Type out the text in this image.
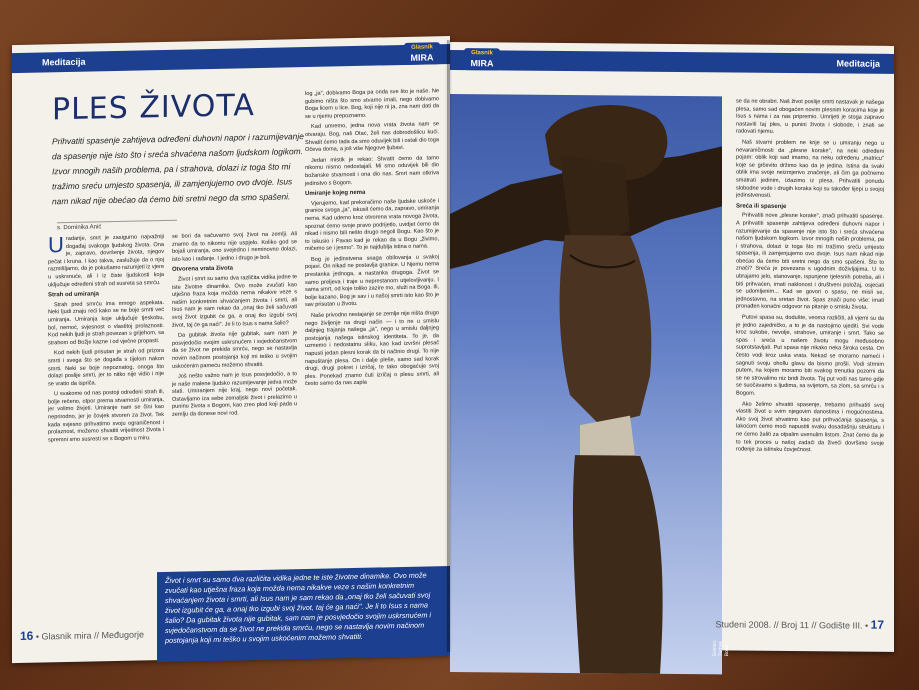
Meditacija
Glasnik
MIRA
PLES ŽIVOTA
Prihvatiti spasenje zahtijeva određeni duhovni napor i razumijevanje da spasenje nije isto što i sreća shvaćena našom ljudskom logikom. Izvor mnogih naših problema, pa i strahova, dolazi iz toga što mi tražimo sreću umjesto spasenja, ili zamjenjujemo ovo dvoje. Isus nam nikad nije obećao da ćemo biti sretni nego da smo spašeni.
s. Dominika Anić

Uradanje, smrt je zasigurno najvažniji događaj svakoga ljudskog života. Ona je, zapravo, dovršenje života, njegov pečat i kruna. I kao takva, zaslužuje da o njoj razmišljamo, da je pokušamo razumjeti iz vjere u uskrsnuće, ali i iz čiste ljudskosti koja uključuje određeni strah od susreta sa smrću.

Strah od umiranja

Strah pred smrću ima mnogo aspekata. Neki ljudi znaju reći kako se ne boje smrti već umiranja. Umiranja koje uključuje tjeskobu, bol, nemoć, svjesnost o vlastitoj prolaznosti. Kod nekih ljudi je strah povezan s grijehom, sa strahom od Božje kazne i od vječne propasti.

Kod nekih ljudi prisutan je strah od prizora smrti i svega što se događa s tijelom nakon smrti. Neki se boje nepoznatog, onoga što dolazi poslije smrti, jer to nitko nije vidio i nije se vratio da ispriča.

U svakome od nas postoji određeni strah ili, bolje rečeno, otpor prema stvarnosti umiranja, jer volimo živjeti. Umiranje nam se čini kao neprirodno, jer je čovjek stvoren za život. Tek kada svjesno prihvatimo svoju ograničenost i prolaznost, možemo shvatiti vrijednost života i spremni smo susresti se s Bogom u miru.

se bori da sačuvamo svoj život na zemlji. Ali znamo da to nikomu nije uspjelo. Koliko god se bojali umiranja, ono svejedno i neminovno dolazi, isto kao i rađanje. I jedno i drugo je boli.

Otvorena vrata života

Život i smrt su samo dva različita vidika jedne te iste životne dinamike. Ovo može zvučati kao utješna fraza koja možda nema nikakve veze s našim konkretnim shvaćanjem života i smrti, ali Isus nam je sam rekao da „onaj tko želi sačuvati svoj život izgubit će ga, a onaj tko izgubi svoj život, taj će ga naći". Je li to Isus s nama šalio?

Da gubitak života nije gubitak, sam nam je posvjedočio svojim uskrsnućem i svjedočanstvom da se život ne prekida smrću, nego se nastavlja novim načinom postojanja koji mi teško u svojim uskoćenim pameću možemo shvatiti.

Još nešto važno nam je Isus posvjedočio, a to je naše malene ljudsko razumijevanje jedva može stati. Umiranjem nije kraj, nego novi početak. Ostavljamo iza sebe zemaljski život i prelazimo u puninu života s Bogom, kao zreo plod koji pada u zemlju da donese novi rod.

log „ja", dobivamo Boga pa onda sve što je naše. Ne gubimo ništa što smo stvarno imali, nego dobivamo Boga licem u lice. Bog, koji nije ni ja, zna nam dati da se u njemu prepoznamo.

Kad umremo, jedna nova vrata života nam se otvaraju. Bog, naš Otac, želi nas dobrodošlicu kući. Shvatit ćemo tada da smo oduvijek bili i ostali dio toga Očeva doma, a još više Njegove ljubavi.

Jedan mistik je rekao: Shvatit ćemo da tamo nikomu nismo nedostajali. Mi smo oduvijek bili dio božanske stvarnosti i ona dio nas. Smrt nam otkriva jedinstvo s Bogom.

Umiranje kojeg nema

Vjerujemo, kad prekoračimo naše ljudske uskoće i granice svoga „ja", iskusit ćemo da, zapravo, umiranja nema. Kad udemo kroz otvorena vrata novoga života, spoznat ćemo svoje pravo podrijetlo, uvidjet ćemo da nikad i nismo bili nešto drugo negoli Bogu. Kao što je to iskusio i Pavao kad je rekao da u Bogu „živimo, mičemo se i jesmo". To je najdublja istina o nama.

Bog je jedinstvena snaga obilovanja u svakoj pojavi. On nikad ne postavlja granice. U Njemu nema prestanka jednoga, a nastanka drugoga. Život se samo preljeva i traje u neprestanom utjelovljivanju. I sama smrt, od koje toliko zazire mo, služi na Boga. Ili, bolje kazano, Bog je sav i u našoj smrti isto kao što je sav prisutan u životu.

Naše privodno nestajanje se zemlje nije ništa drugo nego življenje na drugi način — i to ne u smislu daljnjeg trajanja našega „ja", nego u smislu daljnjeg postojanja našega istinskog identiteta. To je, da uzmemo i nedostatnu sliku, kao kad izvršni plesač napusti jedan plesni korak da bi načinio drugi. To nije napuštanje plesa. On i dalje pleše, samo sad korak drugi, drugi pokret i izričaj, te tako obogaćuje svoj ples. Ponekad znamo čuti izričaj o plesu smrti, ali često samo da nas zapla

Život i smrt su samo dva različita vidika jedne te iste životne dinamike. Ovo može zvučati kao utješna fraza koja možda nema nikakve veze s našim konkretnim shvaćanjem života i smrti, ali Isus nam je sam rekao da „onaj tko želi sačuvati svoj život izgubit će ga, a onaj tko izgubi svoj život, taj će ga naći". Je li to Isus s nama šalio? Da gubitak života nije gubitak, sam nam je posvjedočio svojim uskrsnućem i svjedočanstvom da se život ne prekida smrću, nego se nastavlja novim načinom postojanja koji mi teško u svojim uskoćenim možemo shvatiti.
16 • Glasnik mira // Međugorje
Glasnik
MIRA	Meditacija
Snimio: Turbok Boké

se da ne obrabri. Naš život poslije smrti nastavak je našega plesa, samo sad obogaćen novim plesnim koracima koje je Isus s nama i za nas pripremio. Umrijeti je stoga zapravo nastaviti taj ples, u punini života i slobode, i znati se radovati njemu.

Naš stvarni problem ne krije se u umiranju nego u nevaraničmosti da „plesne korake", na neki određeni pojam: oblik koji sad imamo, na neku određenu „matricu" koje se grčevito držimo kao da je jedina. Istina da svaki oblik ima svoje neizmjerivo značenje, ali čim ga počnemo smatrati jedinim, izlazimo iz plesa. Prihvatiti ponudu slobodne vode i drugih koraka koji su također lijepi u svojoj jedinstvenosti.

Sreća ili spasenje

Prihvatiti nove „plesne korake", znači prihvatiti spasenje. A prihvatiti spasenje zahtijeva određeni duhovni napor i razumijevanje da spasenje nije isto što i sreća shvaćena našom ljudskom logikom. Izvor mnogih naših problema, pa i strahova, dolazi iz toga što mi tražimo sreću umjesto spasenja, ili zamjenjujemo ovo dvoje. Isus nam nikad nije obećao da ćemo biti sretni nego da smo spašeni. Što to znači? Sreća je povezana s ugodnim doživljajima. U to ubrajamo jelo, stanovanje, ispunjene tjelesnih potreba, ali i biti prihvaćen, imati naklonost i društveni položaj, osjećati se udomljenim... Kad se govori o spasu, ne misli se, jednostavno, na sretan život. Spas znači puno više: imati pronađen konačni odgovor na pitanje o smislu života.

Putovi spasa su, dodušte, veoma različiti, ali vjerni su da je jedno zajedničko, a to je da nastojimo ujediti. Svi vode kroz sukobe, nevolje, strahove, umiranje i smrt. Tako se spas i sreća u našem životu mogu međusobno suprotstavljati. Put spasa nije nikako neka široka cesta. On često vodi kroz uska vrata. Nekad se moramo nameći i sagnuti svoju ohollu glavu da bismo prošli. Vodi strmim putem, na kojem moramo biti svakog trenutka pozorni da se ne strovalimo niz bridi života. Taj put vodi nas tamo gdje se suočavamo s ljudima, sa svijetom, sa zlom, sa smrću i s Bogom.

Ako želimo shvatiti spasenje, trebamo prihvatiti svoj vlastiti život u svim njegovim danostima i mogućnostima. Ako svoj život shvatimo kao put prihvaćanja spasenja, s lakoćom ćemo moći napustiti svaku dosadašnju strukturu i ne ćemo žaliti za otpalim uvenulim listom. Znat ćemo da je to tek proces u našoj zadaći da živeći dovršimo svoje rođenje za istinsku čovječnost.

Studeni 2008. // Broj 11 // Godište III. • 17
